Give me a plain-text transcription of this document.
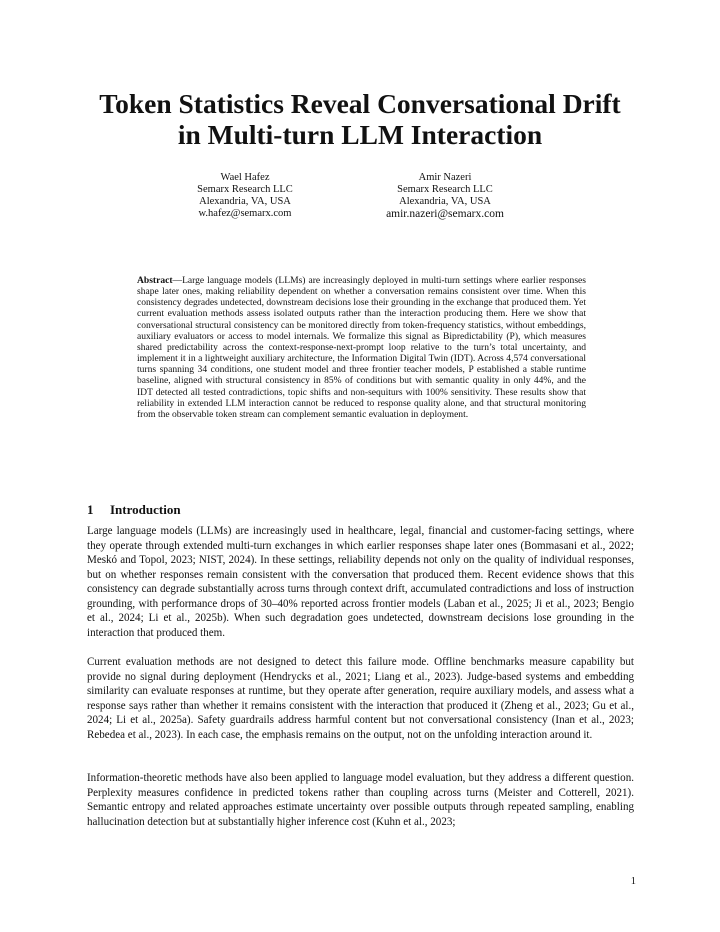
Token Statistics Reveal Conversational Drift
in Multi-turn LLM Interaction
Wael Hafez
Semarx Research LLC
Alexandria, VA, USA
w.hafez@semarx.com
Amir Nazeri
Semarx Research LLC
Alexandria, VA, USA
amir.nazeri@semarx.com

Abstract—Large language models (LLMs) are increasingly deployed in multi-turn settings where earlier responses shape later ones, making reliability dependent on whether a conversation remains consistent over time. When this consistency degrades undetected, downstream decisions lose their grounding in the exchange that produced them. Yet current evaluation methods assess isolated outputs rather than the interaction producing them. Here we show that conversational structural consistency can be monitored directly from token-frequency statistics, without embeddings, auxiliary evaluators or access to model internals. We formalize this signal as Bipredictability (P), which measures shared predictability across the context-response-next-prompt loop relative to the turn’s total uncertainty, and implement it in a lightweight auxiliary architecture, the Information Digital Twin (IDT). Across 4,574 conversational turns spanning 34 conditions, one student model and three frontier teacher models, P established a stable runtime baseline, aligned with structural consistency in 85% of conditions but with semantic quality in only 44%, and the IDT detected all tested contradictions, topic shifts and non-sequiturs with 100% sensitivity. These results show that reliability in extended LLM interaction cannot be reduced to response quality alone, and that structural monitoring from the observable token stream can complement semantic evaluation in deployment.

1 Introduction

Large language models (LLMs) are increasingly used in healthcare, legal, financial and customer-facing settings, where they operate through extended multi-turn exchanges in which earlier responses shape later ones (Bommasani et al., 2022; Meskó and Topol, 2023; NIST, 2024). In these settings, reliability depends not only on the quality of individual responses, but on whether responses remain consistent with the conversation that produced them. Recent evidence shows that this consistency can degrade substantially across turns through context drift, accumulated contradictions and loss of instruction grounding, with performance drops of 30–40% reported across frontier models (Laban et al., 2025; Ji et al., 2023; Bengio et al., 2024; Li et al., 2025b). When such degradation goes undetected, downstream decisions lose grounding in the interaction that produced them.

Current evaluation methods are not designed to detect this failure mode. Offline benchmarks measure capability but provide no signal during deployment (Hendrycks et al., 2021; Liang et al., 2023). Judge-based systems and embedding similarity can evaluate responses at runtime, but they operate after generation, require auxiliary models, and assess what a response says rather than whether it remains consistent with the interaction that produced it (Zheng et al., 2023; Gu et al., 2024; Li et al., 2025a). Safety guardrails address harmful content but not conversational consistency (Inan et al., 2023; Rebedea et al., 2023). In each case, the emphasis remains on the output, not on the unfolding interaction around it.

Information-theoretic methods have also been applied to language model evaluation, but they address a different question. Perplexity measures confidence in predicted tokens rather than coupling across turns (Meister and Cotterell, 2021). Semantic entropy and related approaches estimate uncertainty over possible outputs through repeated sampling, enabling hallucination detection but at substantially higher inference cost (Kuhn et al., 2023;

1
